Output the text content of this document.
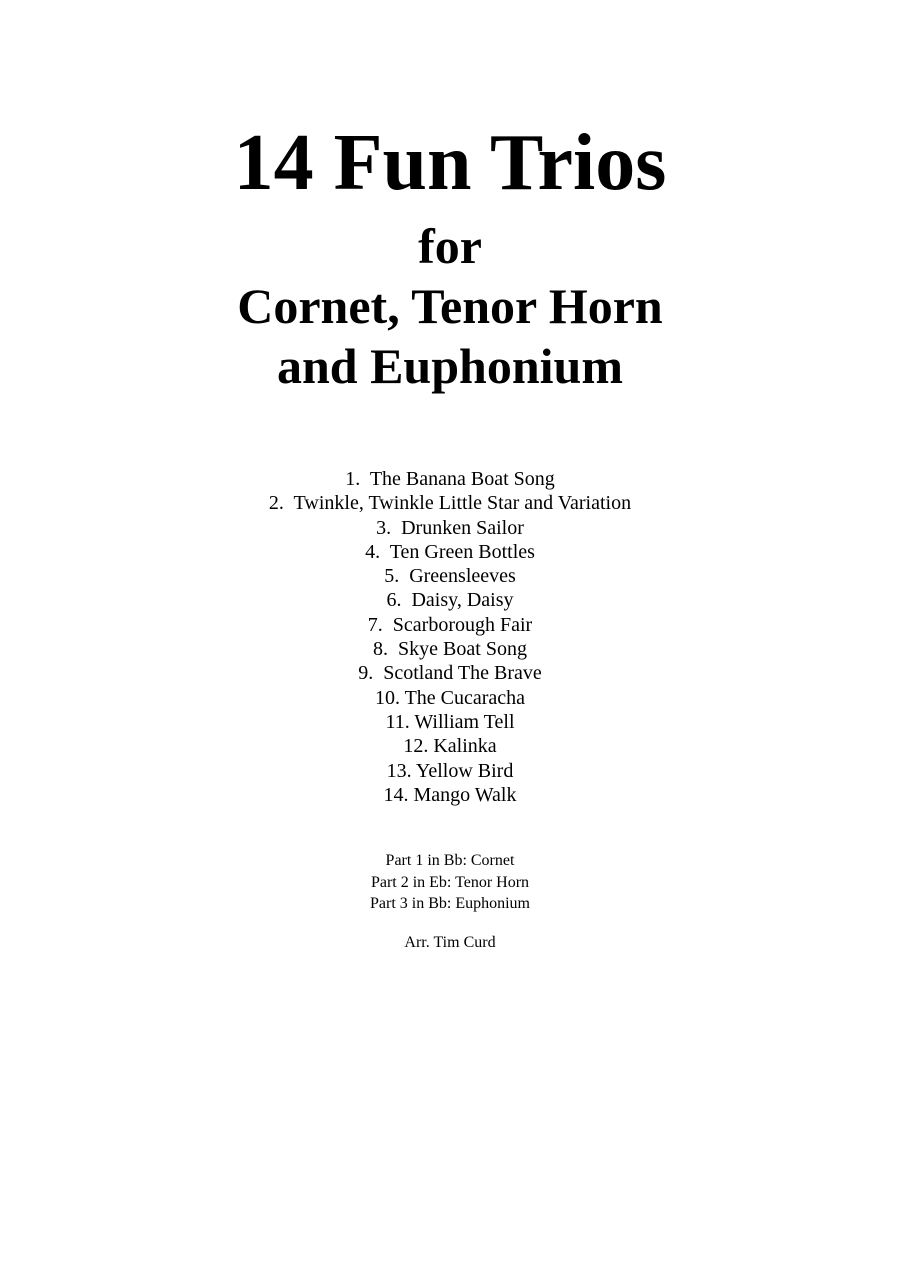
14 Fun Trios
for
Cornet, Tenor Horn
and Euphonium
1.  The Banana Boat Song
2.  Twinkle, Twinkle Little Star and Variation
3.  Drunken Sailor
4.  Ten Green Bottles
5.  Greensleeves
6.  Daisy, Daisy
7.  Scarborough Fair
8.  Skye Boat Song
9.  Scotland The Brave
10. The Cucaracha
11. William Tell
12. Kalinka
13. Yellow Bird
14. Mango Walk
Part 1 in Bb: Cornet
Part 2 in Eb: Tenor Horn
Part 3 in Bb: Euphonium

Arr. Tim Curd
